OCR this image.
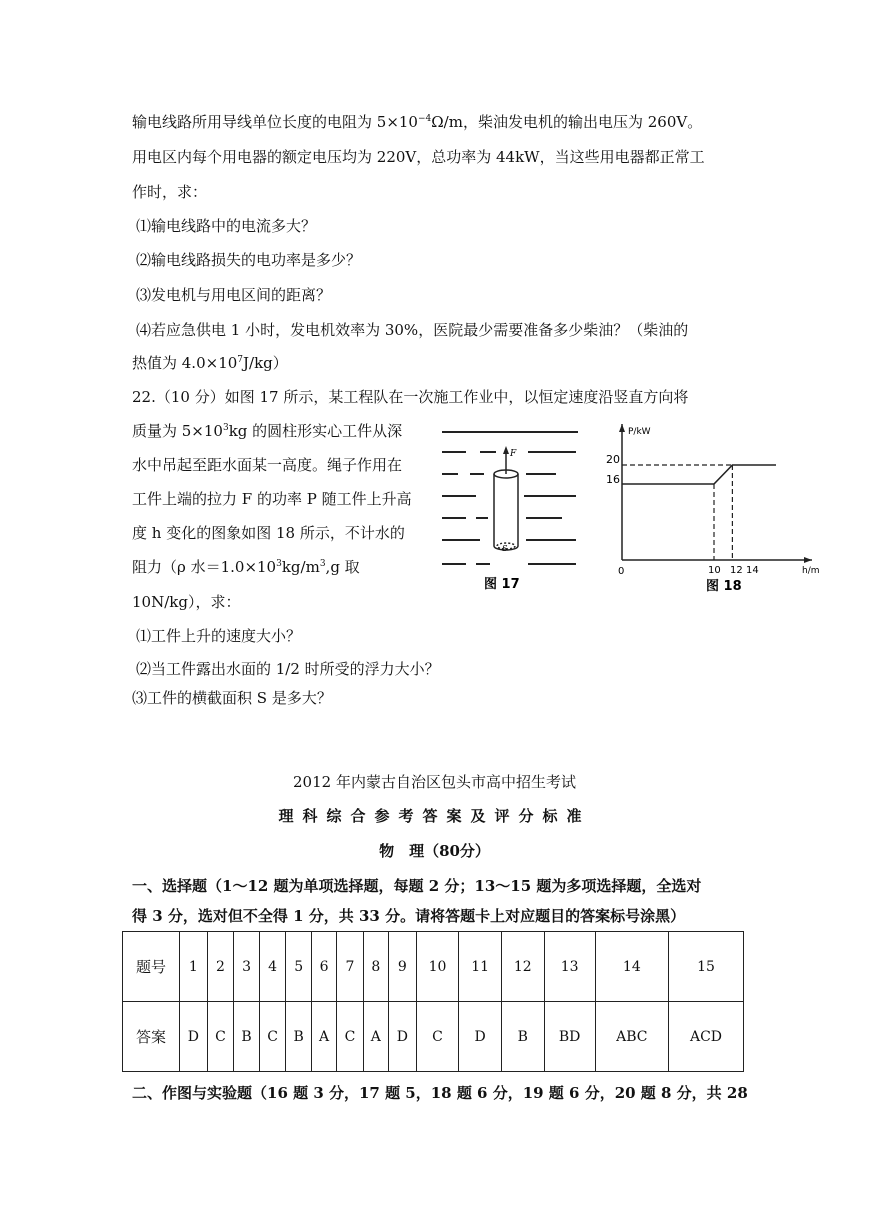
输电线路所用导线单位长度的电阻为 $5\times 10^{-4}\Omega/m$，柴油发电机的输出电压为 260V。
用电区内每个用电器的额定电压均为 220V，总功率为 44kW，当这些用电器都正常工
作时，求：
⑴输电线路中的电流多大？
⑵输电线路损失的电功率是多少？
⑶发电机与用电区间的距离？
⑷若应急供电 1 小时，发电机效率为 30%，医院最少需要准备多少柴油？（柴油的
热值为 $4.0\times 10^7J/kg$）
22.（10 分）如图 17 所示，某工程队在一次施工作业中，以恒定速度沿竖直方向将
质量为 $5\times 10^3kg$ 的圆柱形实心工件从深
水中吊起至距水面某一高度。绳子作用在
工件上端的拉力 F 的功率 P 随工件上升高
度 h 变化的图象如图 18 所示，不计水的
阻力（ρ 水$=1.0\times 10^3kg/m^3,g$ 取
10N/kg），求：
⑴工件上升的速度大小？
⑵当工件露出水面的 1/2 时所受的浮力大小？
⑶工件的横截面积 S 是多大？
F
S
图 17
P/kW
h/m
0
20
16
10 12 14
图 18
2012 年内蒙古自治区包头市高中招生考试
理科综合参考答案及评分标准
物　理（80分）
一、选择题（1～12 题为单项选择题，每题 2 分；13～15 题为多项选择题，全选对
得 3 分，选对但不全得 1 分，共 33 分。请将答题卡上对应题目的答案标号涂黑）
题号	1	2	3	4	5	6	7	8	9	10	11	12	13	14	15
答案	D	C	B	C	B	A	C	A	D	C	D	B	BD	ABC	ACD
二、作图与实验题（16 题 3 分，17 题 5，18 题 6 分，19 题 6 分，20 题 8 分，共 28
